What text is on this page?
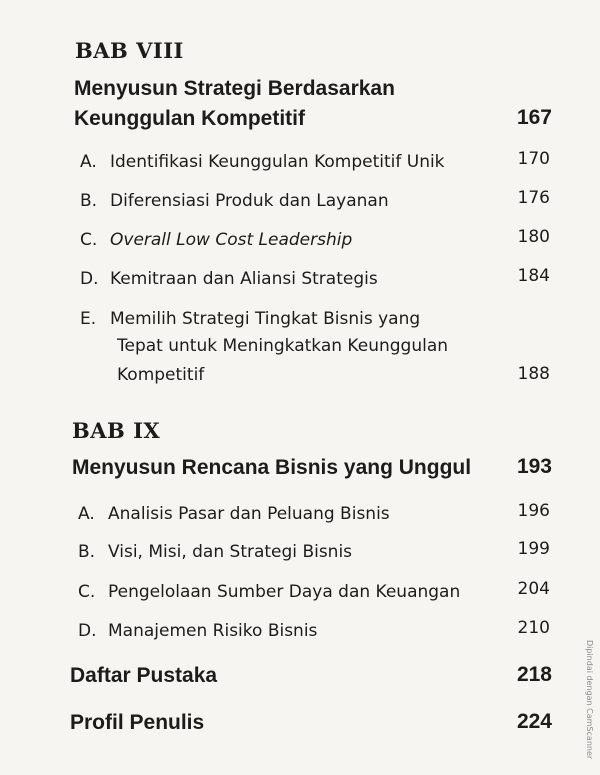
BAB VIII
Menyusun Strategi Berdasarkan
Keunggulan Kompetitif	167
A. Identifikasi Keunggulan Kompetitif Unik	170
B. Diferensiasi Produk dan Layanan	176
C. Overall Low Cost Leadership	180
D. Kemitraan dan Aliansi Strategis	184
E. Memilih Strategi Tingkat Bisnis yang
Tepat untuk Meningkatkan Keunggulan
Kompetitif	188
BAB IX
Menyusun Rencana Bisnis yang Unggul	193
A. Analisis Pasar dan Peluang Bisnis	196
B. Visi, Misi, dan Strategi Bisnis	199
C. Pengelolaan Sumber Daya dan Keuangan	204
D. Manajemen Risiko Bisnis	210
Daftar Pustaka	218
Profil Penulis	224	Dipindai dengan CamScanner
